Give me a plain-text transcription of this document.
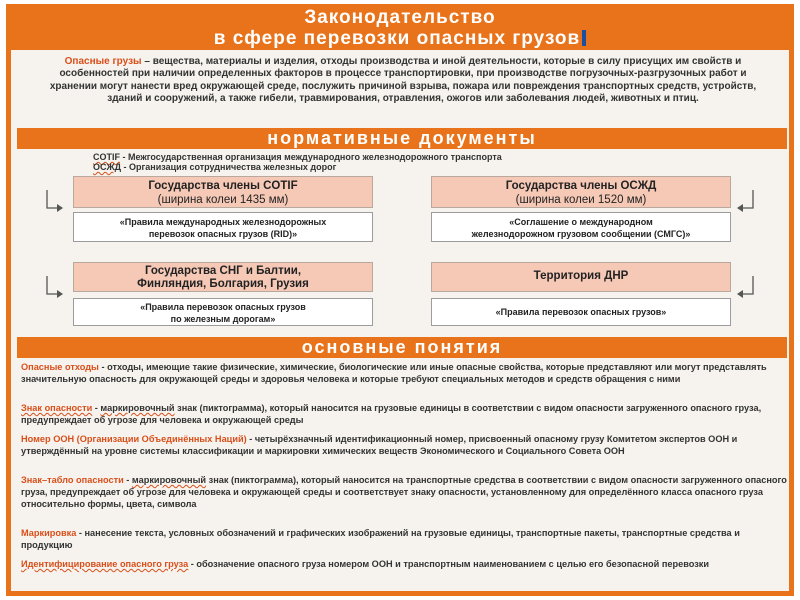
Законодательство
в сфере перевозки опасных грузов
Опасные грузы – вещества, материалы и изделия, отходы производства и иной деятельности, которые в силу присущих им свойств и особенностей при наличии определенных факторов в процессе транспортировки, при производстве погрузочных-разгрузочных работ и хранении могут нанести вред окружающей среде, послужить причиной взрыва, пожара или повреждения транспортных средств, устройств, зданий и сооружений, а также гибели, травмирования, отравления, ожогов или заболевания людей, животных и птиц.
нормативные документы
COTIF - Межгосударственная организация международного железнодорожного транспорта
ОСЖД - Организация сотрудничества железных дорог
Государства члены COTIF
(ширина колеи 1435 мм)
Государства члены ОСЖД
(ширина колеи 1520 мм)
«Правила международных железнодорожных
перевозок опасных грузов (RID)»
«Соглашение о международном
железнодорожном грузовом сообщении (СМГС)»
Государства СНГ и Балтии,
Финляндия, Болгария, Грузия
Территория ДНР
«Правила перевозок опасных грузов
по железным дорогам»
«Правила перевозок опасных грузов»
основные понятия
Опасные отходы - отходы, имеющие такие физические, химические, биологические или иные опасные свойства, которые представляют или могут представлять значительную опасность для окружающей среды и здоровья человека и которые требуют специальных методов и средств обращения с ними
Знак опасности - маркировочный знак (пиктограмма), который наносится на грузовые единицы в соответствии с видом опасности загруженного опасного груза, предупреждает об угрозе для человека и окружающей среды
Номер ООН (Организации Объединённых Наций) - четырёхзначный идентификационный номер, присвоенный опасному грузу Комитетом экспертов ООН и утверждённый на уровне системы классификации и маркировки химических веществ Экономического и Социального Совета ООН
Знак–табло опасности - маркировочный знак (пиктограмма), который наносится на транспортные средства в соответствии с видом опасности загруженного опасного груза, предупреждает об угрозе для человека и окружающей среды и соответствует знаку опасности, установленному для определённого класса опасного груза относительно формы, цвета, символа
Маркировка - нанесение текста, условных обозначений и графических изображений на грузовые единицы, транспортные пакеты, транспортные средства и продукцию
Идентифицирование опасного груза - обозначение опасного груза номером ООН и транспортным наименованием с целью его безопасной перевозки
